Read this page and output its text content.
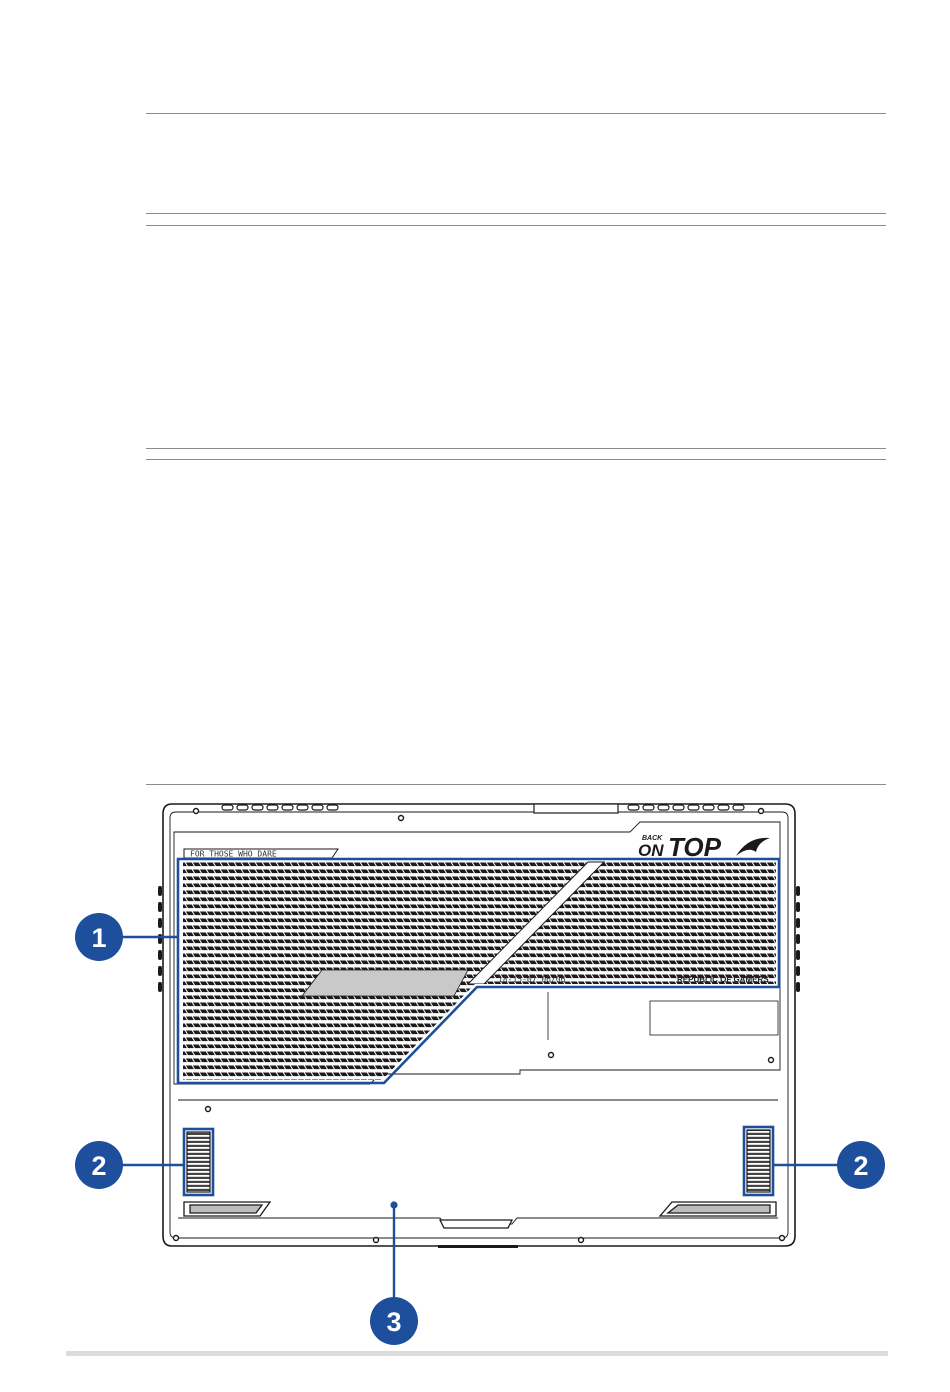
FOR THOSE WHO DARE
BACK
ON TOP
18-15-07 06/06	REPUBLIC OF GAMERS
1
2	2
3
